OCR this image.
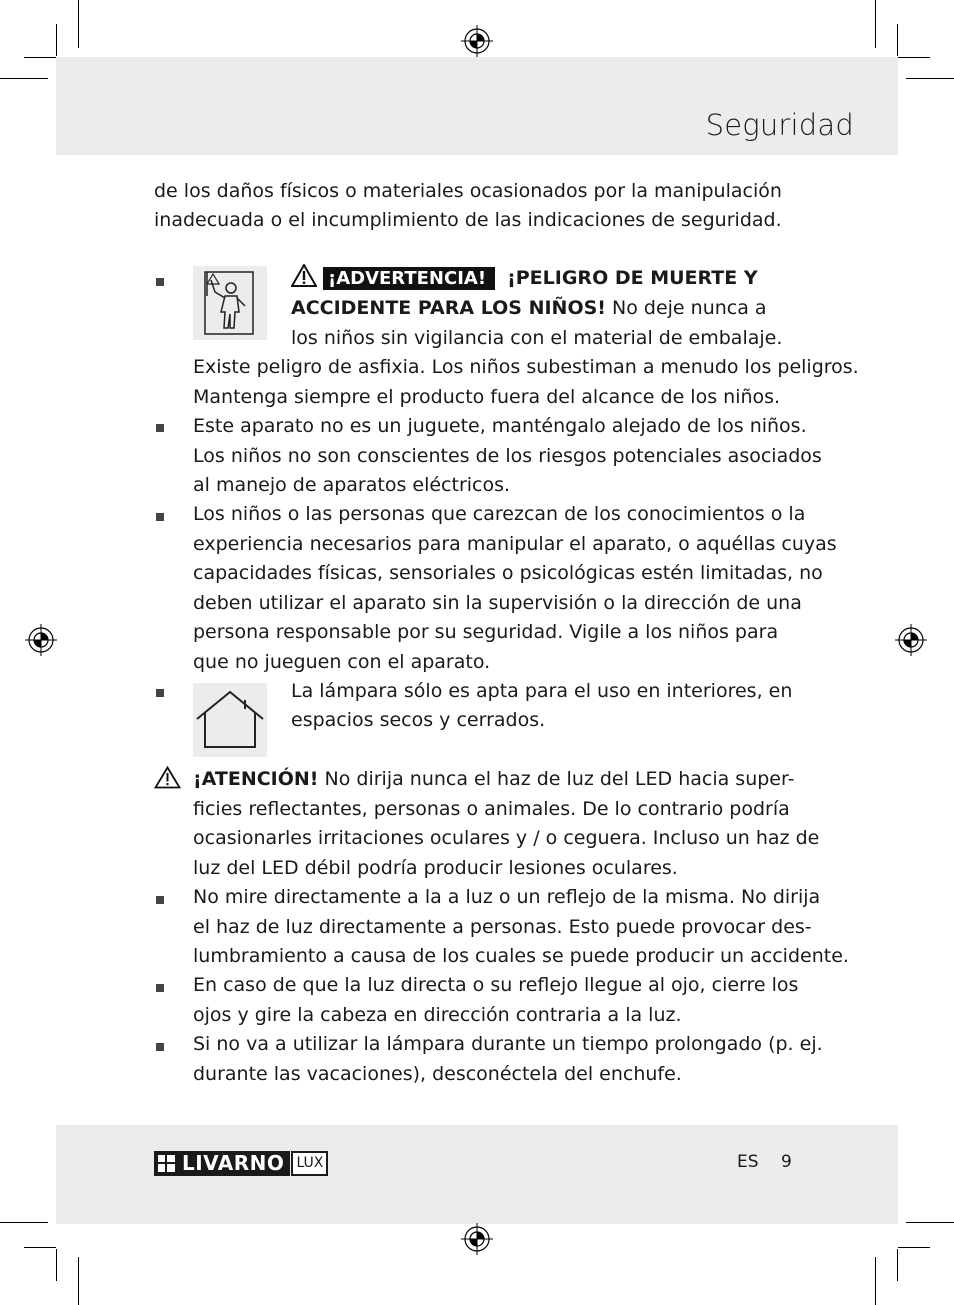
Seguridad
de los daños físicos o materiales ocasionados por la manipulación
inadecuada o el incumplimiento de las indicaciones de seguridad.
¡ADVERTENCIA! ¡PELIGRO DE MUERTE Y
ACCIDENTE PARA LOS NIÑOS! No deje nunca a
los niños sin vigilancia con el material de embalaje.
Existe peligro de asfixia. Los niños subestiman a menudo los peligros.
Mantenga siempre el producto fuera del alcance de los niños.
Este aparato no es un juguete, manténgalo alejado de los niños.
Los niños no son conscientes de los riesgos potenciales asociados
al manejo de aparatos eléctricos.
Los niños o las personas que carezcan de los conocimientos o la
experiencia necesarios para manipular el aparato, o aquéllas cuyas
capacidades físicas, sensoriales o psicológicas estén limitadas, no
deben utilizar el aparato sin la supervisión o la dirección de una
persona responsable por su seguridad. Vigile a los niños para
que no jueguen con el aparato.
La lámpara sólo es apta para el uso en interiores, en
espacios secos y cerrados.
¡ATENCIÓN! No dirija nunca el haz de luz del LED hacia super-
ficies reflectantes, personas o animales. De lo contrario podría
ocasionarles irritaciones oculares y / o ceguera. Incluso un haz de
luz del LED débil podría producir lesiones oculares.
No mire directamente a la a luz o un reflejo de la misma. No dirija
el haz de luz directamente a personas. Esto puede provocar des-
lumbramiento a causa de los cuales se puede producir un accidente.
En caso de que la luz directa o su reflejo llegue al ojo, cierre los
ojos y gire la cabeza en dirección contraria a la luz.
Si no va a utilizar la lámpara durante un tiempo prolongado (p. ej.
durante las vacaciones), desconéctela del enchufe.
LIVARNO LUX	ES 9
